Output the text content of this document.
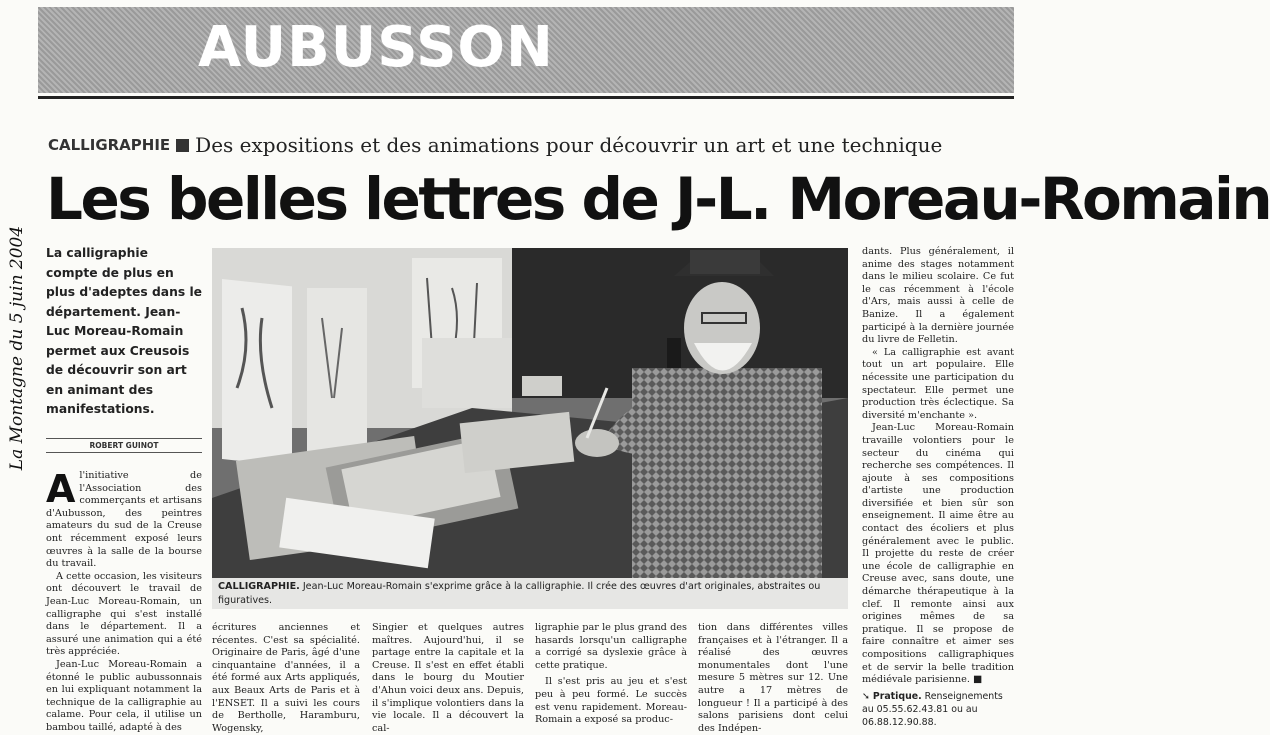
La Montagne du 5 juin 2004
AUBUSSON
CALLIGRAPHIE Des expositions et des animations pour découvrir un art et une technique
Les belles lettres de J-L. Moreau-Romain

La calligraphie compte de plus en plus d'adeptes dans le département. Jean-Luc Moreau-Romain permet aux Creusois de découvrir son art en animant des manifestations.

ROBERT GUINOT

Al'initiative de l'Association des commerçants et artisans d'Aubusson, des peintres amateurs du sud de la Creuse ont récemment exposé leurs œuvres à la salle de la bourse du travail.

A cette occasion, les visiteurs ont découvert le travail de Jean-Luc Moreau-Romain, un calligraphe qui s'est installé dans le département. Il a assuré une animation qui a été très appréciée.

Jean-Luc Moreau-Romain a étonné le public aubussonnais en lui expliquant notamment la technique de la calligraphie au calame. Pour cela, il utilise un bambou taillé, adapté à des

CALLIGRAPHIE. Jean-Luc Moreau-Romain s'exprime grâce à la calligraphie. Il crée des œuvres d'art originales, abstraites ou figuratives.

écritures anciennes et récentes. C'est sa spécialité. Originaire de Paris, âgé d'une cinquantaine d'années, il a été formé aux Arts appliqués, aux Beaux Arts de Paris et à l'ENSET. Il a suivi les cours de Bertholle, Haramburu, Wogensky,

Singier et quelques autres maîtres. Aujourd'hui, il se partage entre la capitale et la Creuse. Il s'est en effet établi dans le bourg du Moutier d'Ahun voici deux ans. Depuis, il s'implique volontiers dans la vie locale. Il a découvert la cal-

ligraphie par le plus grand des hasards lorsqu'un calligraphe a corrigé sa dyslexie grâce à cette pratique.

Il s'est pris au jeu et s'est peu à peu formé. Le succès est venu rapidement. Moreau-Romain a exposé sa produc-

tion dans différentes villes françaises et à l'étranger. Il a réalisé des œuvres monumentales dont l'une mesure 5 mètres sur 12. Une autre a 17 mètres de longueur ! Il a participé à des salons parisiens dont celui des Indépen-

dants. Plus généralement, il anime des stages notamment dans le milieu scolaire. Ce fut le cas récemment à l'école d'Ars, mais aussi à celle de Banize. Il a également participé à la dernière journée du livre de Felletin.

« La calligraphie est avant tout un art populaire. Elle nécessite une participation du spectateur. Elle permet une production très éclectique. Sa diversité m'enchante ».

Jean-Luc Moreau-Romain travaille volontiers pour le secteur du cinéma qui recherche ses compétences. Il ajoute à ses compositions d'artiste une production diversifiée et bien sûr son enseignement. Il aime être au contact des écoliers et plus généralement avec le public. Il projette du reste de créer une école de calligraphie en Creuse avec, sans doute, une démarche thérapeutique à la clef. Il remonte ainsi aux origines mêmes de sa pratique. Il se propose de faire connaître et aimer ses compositions calligraphiques et de servir la belle tradition médiévale parisienne. ■

➘ Pratique. Renseignements au 05.55.62.43.81 ou au 06.88.12.90.88.
